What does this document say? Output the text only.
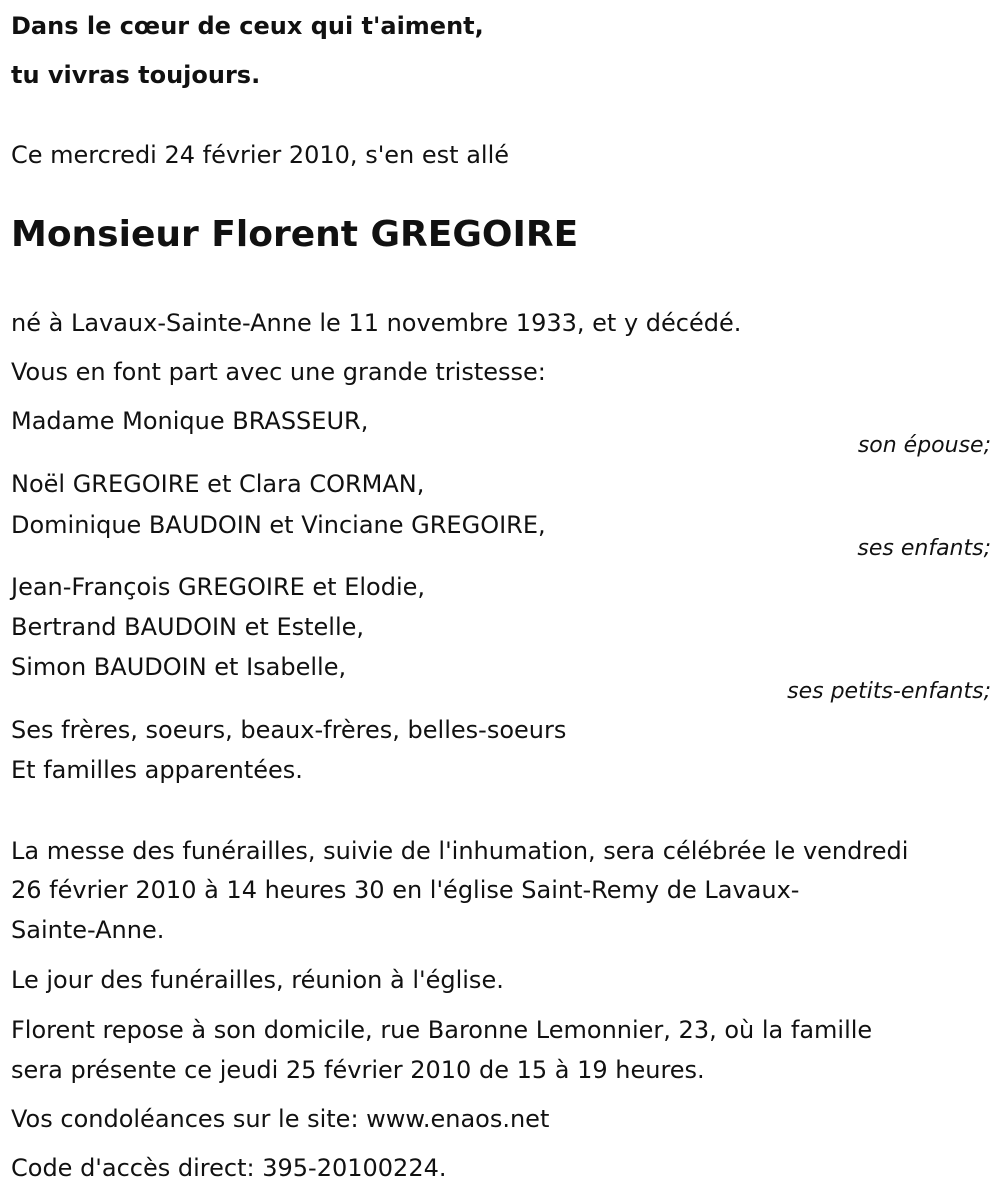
Dans le cœur de ceux qui t'aiment,

tu vivras toujours.

Ce mercredi 24 février 2010, s'en est allé

Monsieur Florent GREGOIRE

né à Lavaux-Sainte-Anne le 11 novembre 1933, et y décédé.

Vous en font part avec une grande tristesse:

Madame Monique BRASSEUR,

son épouse;

Noël GREGOIRE et Clara CORMAN,

Dominique BAUDOIN et Vinciane GREGOIRE,

ses enfants;

Jean-François GREGOIRE et Elodie,

Bertrand BAUDOIN et Estelle,

Simon BAUDOIN et Isabelle,

ses petits-enfants;

Ses frères, soeurs, beaux-frères, belles-soeurs

Et familles apparentées.

La messe des funérailles, suivie de l'inhumation, sera célébrée le vendredi

26 février 2010 à 14 heures 30 en l'église Saint-Remy de Lavaux-

Sainte-Anne.

Le jour des funérailles, réunion à l'église.

Florent repose à son domicile, rue Baronne Lemonnier, 23, où la famille

sera présente ce jeudi 25 février 2010 de 15 à 19 heures.

Vos condoléances sur le site: www.enaos.net

Code d'accès direct: 395-20100224.
